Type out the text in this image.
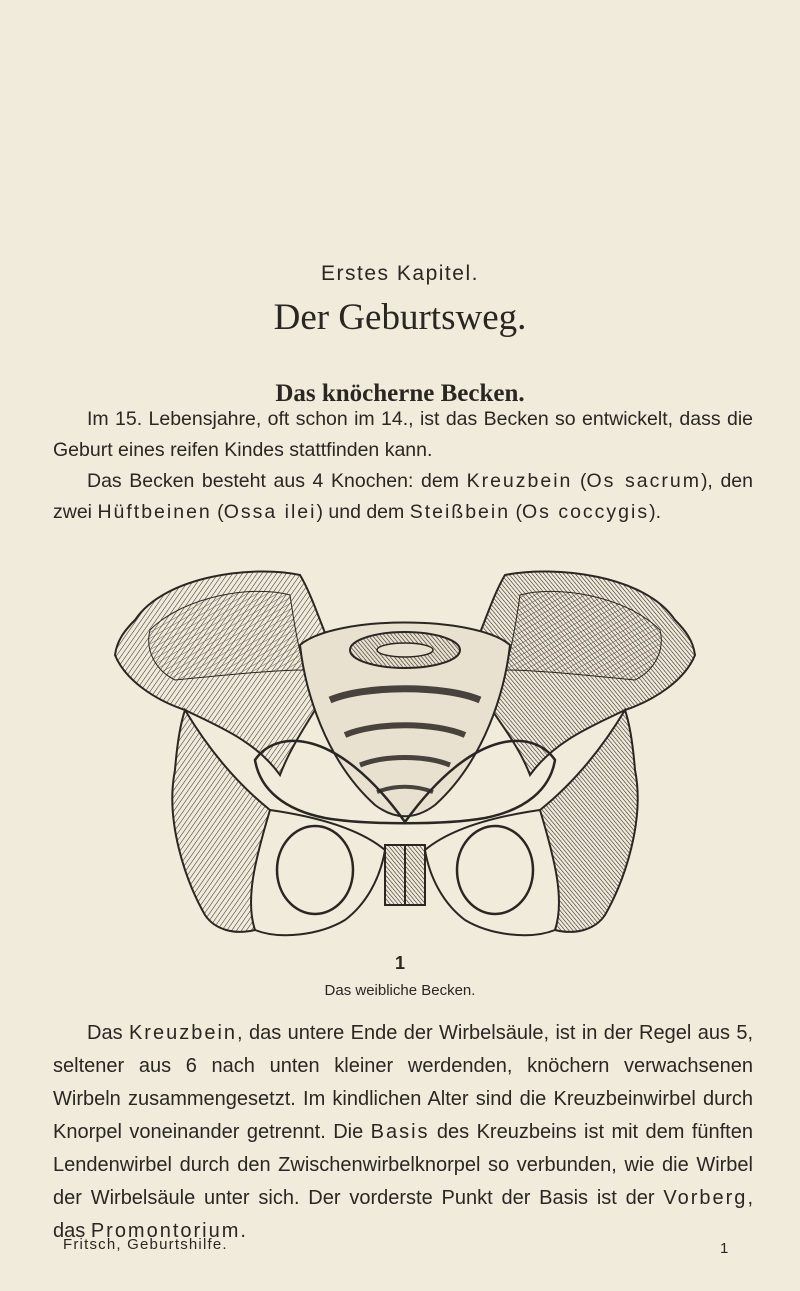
Erstes Kapitel.
Der Geburtsweg.
Das knöcherne Becken.

Im 15. Lebensjahre, oft schon im 14., ist das Becken so entwickelt, dass die Geburt eines reifen Kindes stattfinden kann.

Das Becken besteht aus 4 Knochen: dem Kreuzbein (Os sacrum), den zwei Hüftbeinen (Ossa ilei) und dem Steißbein (Os coccygis).

1
Das weibliche Becken.

Das Kreuzbein, das untere Ende der Wirbelsäule, ist in der Regel aus 5, seltener aus 6 nach unten kleiner werdenden, knöchern verwachsenen Wirbeln zusammengesetzt. Im kindlichen Alter sind die Kreuzbeinwirbel durch Knorpel voneinander getrennt. Die Basis des Kreuzbeins ist mit dem fünften Lendenwirbel durch den Zwischenwirbelknorpel so verbunden, wie die Wirbel der Wirbelsäule unter sich. Der vorderste Punkt der Basis ist der Vorberg, das Promontorium.

Fritsch, Geburtshilfe.	1
